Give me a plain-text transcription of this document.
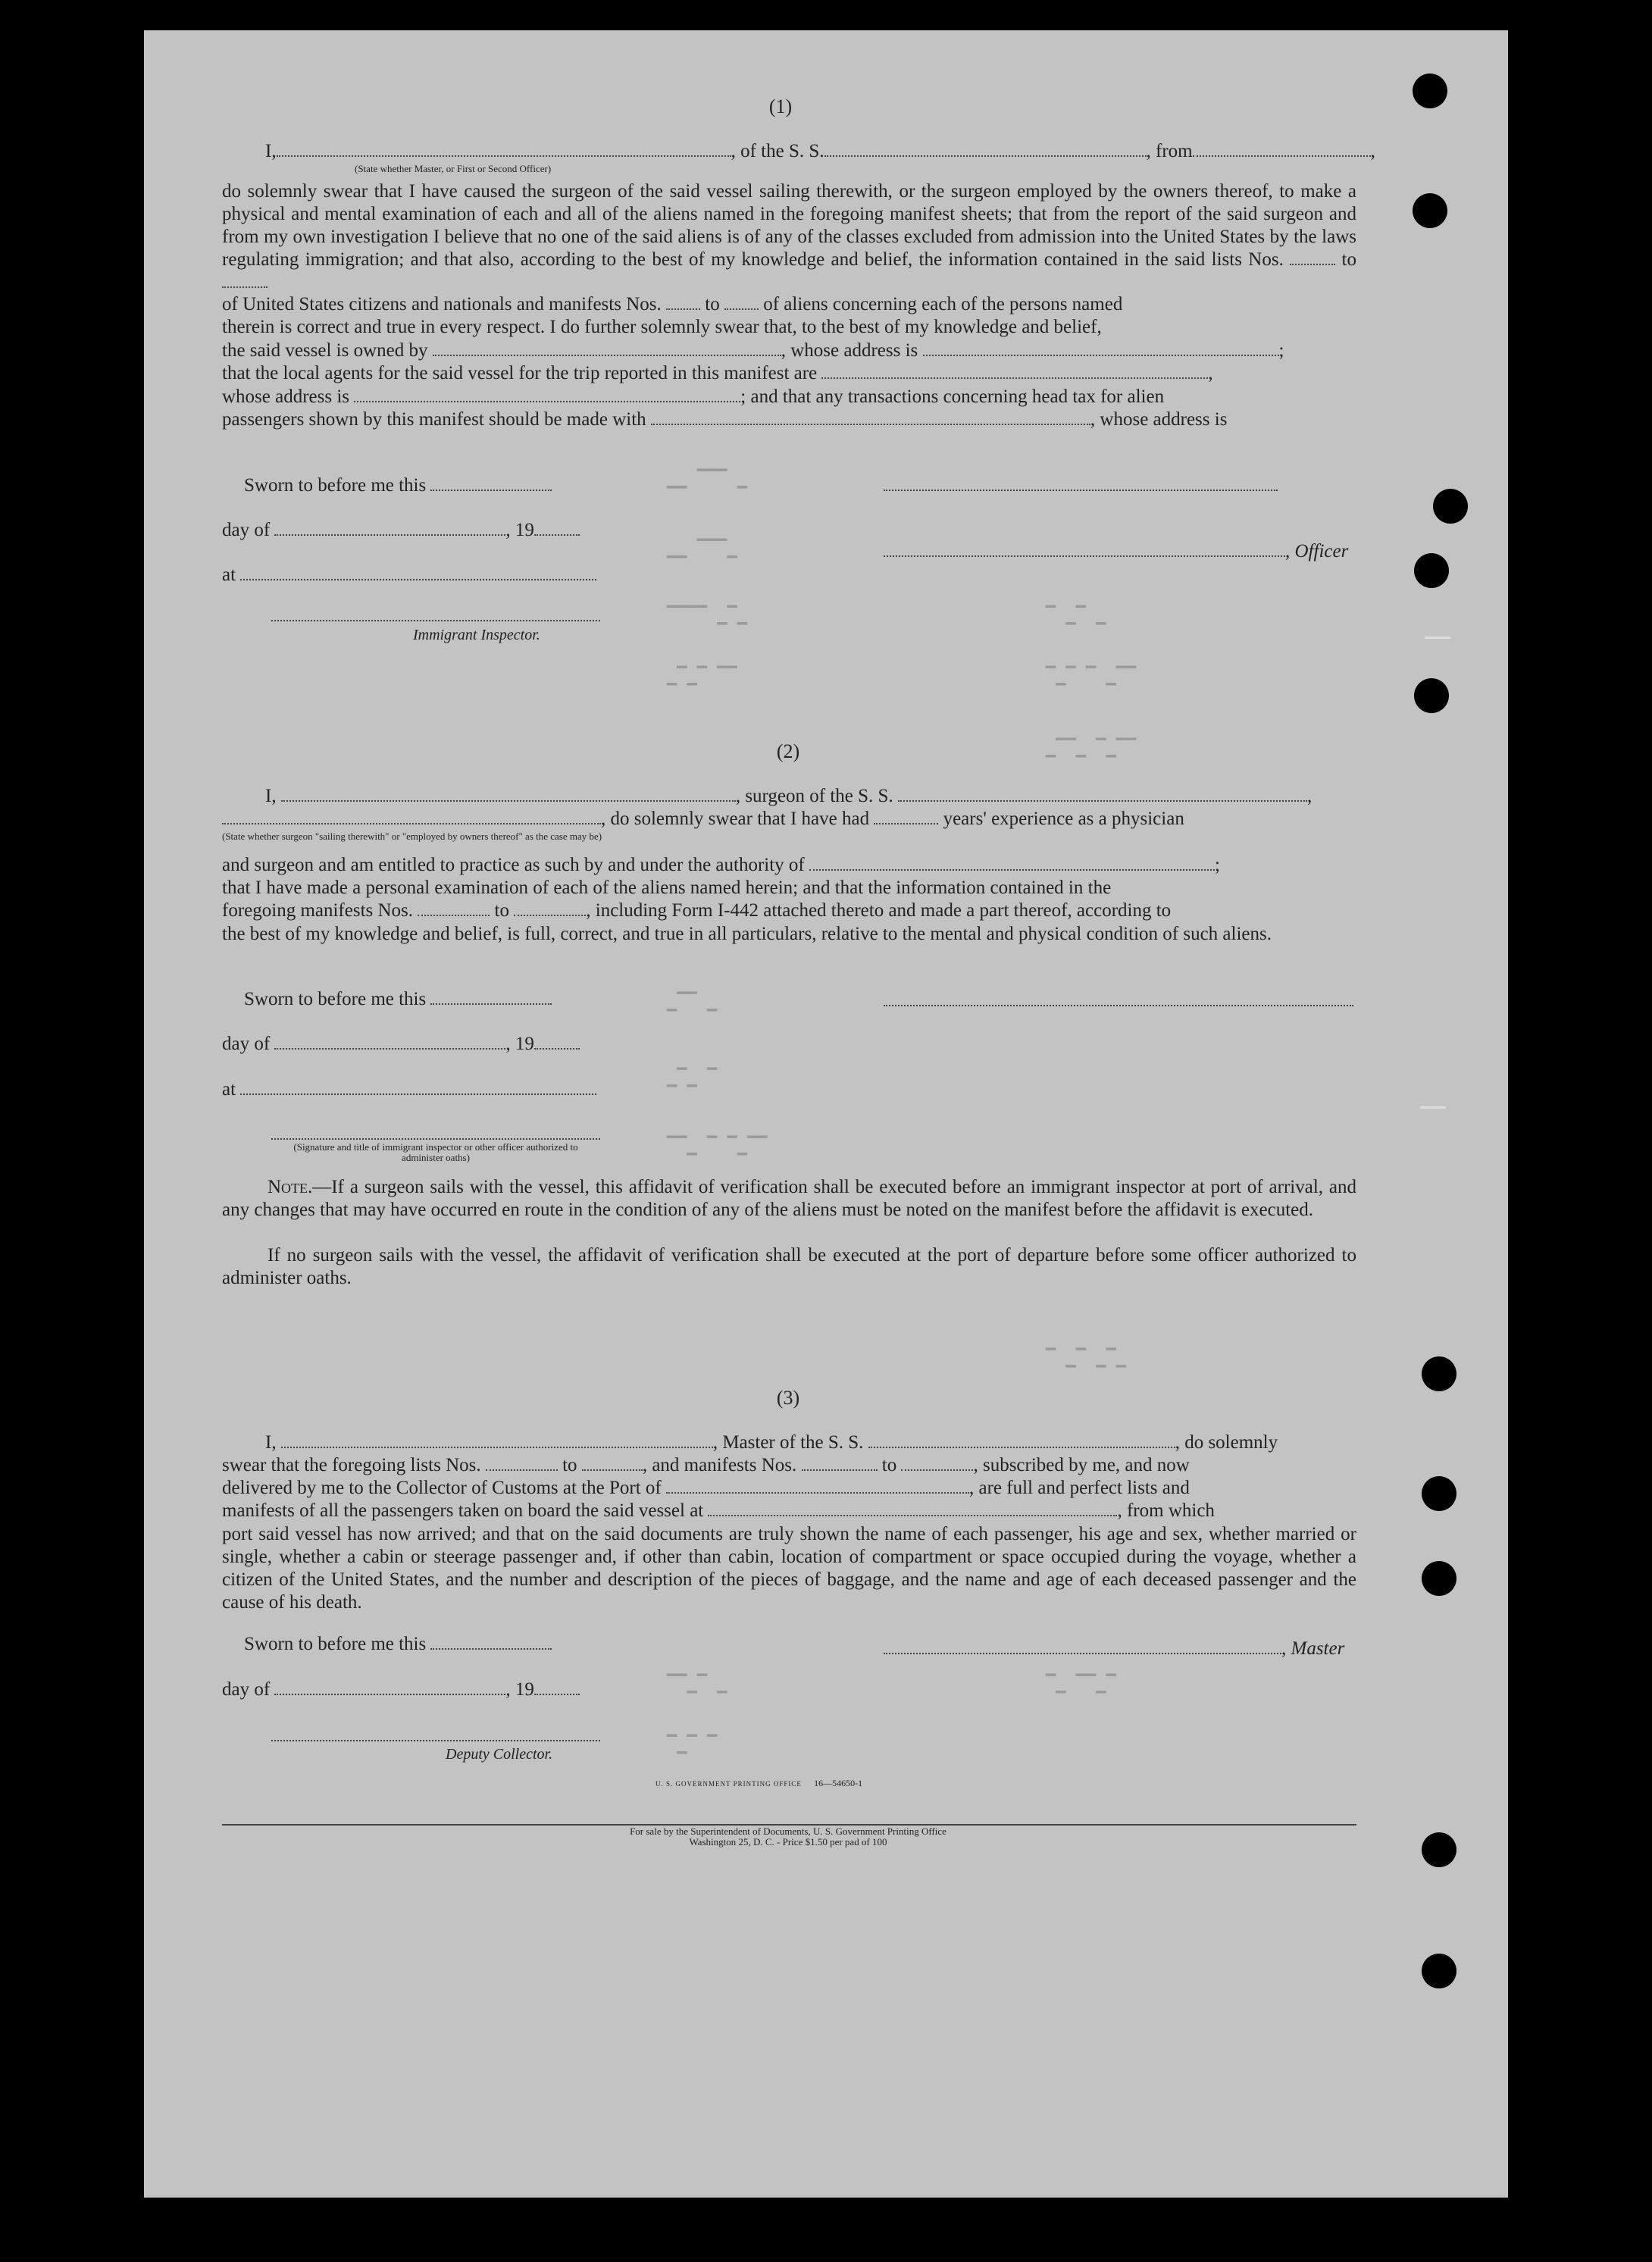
(1)
I,	, of the S. S.	, from	,
(State whether Master, or First or Second Officer)

do solemnly swear that I have caused the surgeon of the said vessel sailing therewith, or the surgeon employed by the owners thereof, to make a physical and mental examination of each and all of the aliens named in the foregoing manifest sheets; that from the report of the said surgeon and from my own investigation I believe that no one of the said aliens is of any of the classes excluded from admission into the United States by the laws regulating immigration; and that also, according to the best of my knowledge and belief, the information contained in the said lists Nos.	to

of United States citizens and nationals and manifests Nos. to of aliens concerning each of the persons named
therein is correct and true in every respect. I do further solemnly swear that, to the best of my knowledge and belief,
the said vessel is owned by	, whose address is	;
that the local agents for the said vessel for the trip reported in this manifest are	,
whose address is	; and that any transactions concerning head tax for alien
passengers shown by this manifest should be made with	, whose address is
Sworn to before me this
day of	, 19
at
Immigrant Inspector.
, Officer
▁▁ ▔▔▔ ▁
▁▁ ▔▔▔▁
▔▔▔▔ ▁▔▁
▁▔▁▔ ▔▔
▔ ▁▔ ▁
▔▁▔ ▔ ▁▔▔
▁▔▔▁ ▔▁▔▔
(2)
I,	, surgeon of the S. S.	,
, do solemnly swear that I have had	years' experience as a physician
(State whether surgeon "sailing therewith" or "employed by owners thereof" as the case may be)
and surgeon and am entitled to practice as such by and under the authority of	;
that I have made a personal examination of each of the aliens named herein; and that the information contained in the
foregoing manifests Nos.	to	, including Form I-442 attached thereto and made a part thereof, according to

the best of my knowledge and belief, is full, correct, and true in all particulars, relative to the mental and physical condition of such aliens.

Sworn to before me this
day of	, 19
at
(Signature and title of immigrant inspector or other officer authorized to administer oaths)

Note.—If a surgeon sails with the vessel, this affidavit of verification shall be executed before an immigrant inspector at port of arrival, and any changes that may have occurred en route in the condition of any of the aliens must be noted on the manifest before the affidavit is executed.

If no surgeon sails with the vessel, the affidavit of verification shall be executed at the port of departure before some officer authorized to administer oaths.

▁▔▔ ▁
▁▔▁ ▔
▔▔▁ ▔ ▔▁▔▔
▔ ▁▔ ▁▔▁
(3)
I,	, Master of the S. S.	, do solemnly
swear that the foregoing lists Nos.	to	, and manifests Nos.	to	, subscribed by me, and now
delivered by me to the Collector of Customs at the Port of	, are full and perfect lists and
manifests of all the passengers taken on board the said vessel at	, from which

port said vessel has now arrived; and that on the said documents are truly shown the name of each passenger, his age and sex, whether married or single, whether a cabin or steerage passenger and, if other than cabin, location of compartment or space occupied during the voyage, whether a citizen of the United States, and the number and description of the pieces of baggage, and the name and age of each deceased passenger and the cause of his death.

Sworn to before me this	, Master
day of	, 19
Deputy Collector.
▔▔▁▔ ▁
▔▁▔ ▔
▔▁ ▔▔▁▔
U. S. GOVERNMENT PRINTING OFFICE 16—54650-1
For sale by the Superintendent of Documents, U. S. Government Printing Office
Washington 25, D. C. - Price $1.50 per pad of 100
